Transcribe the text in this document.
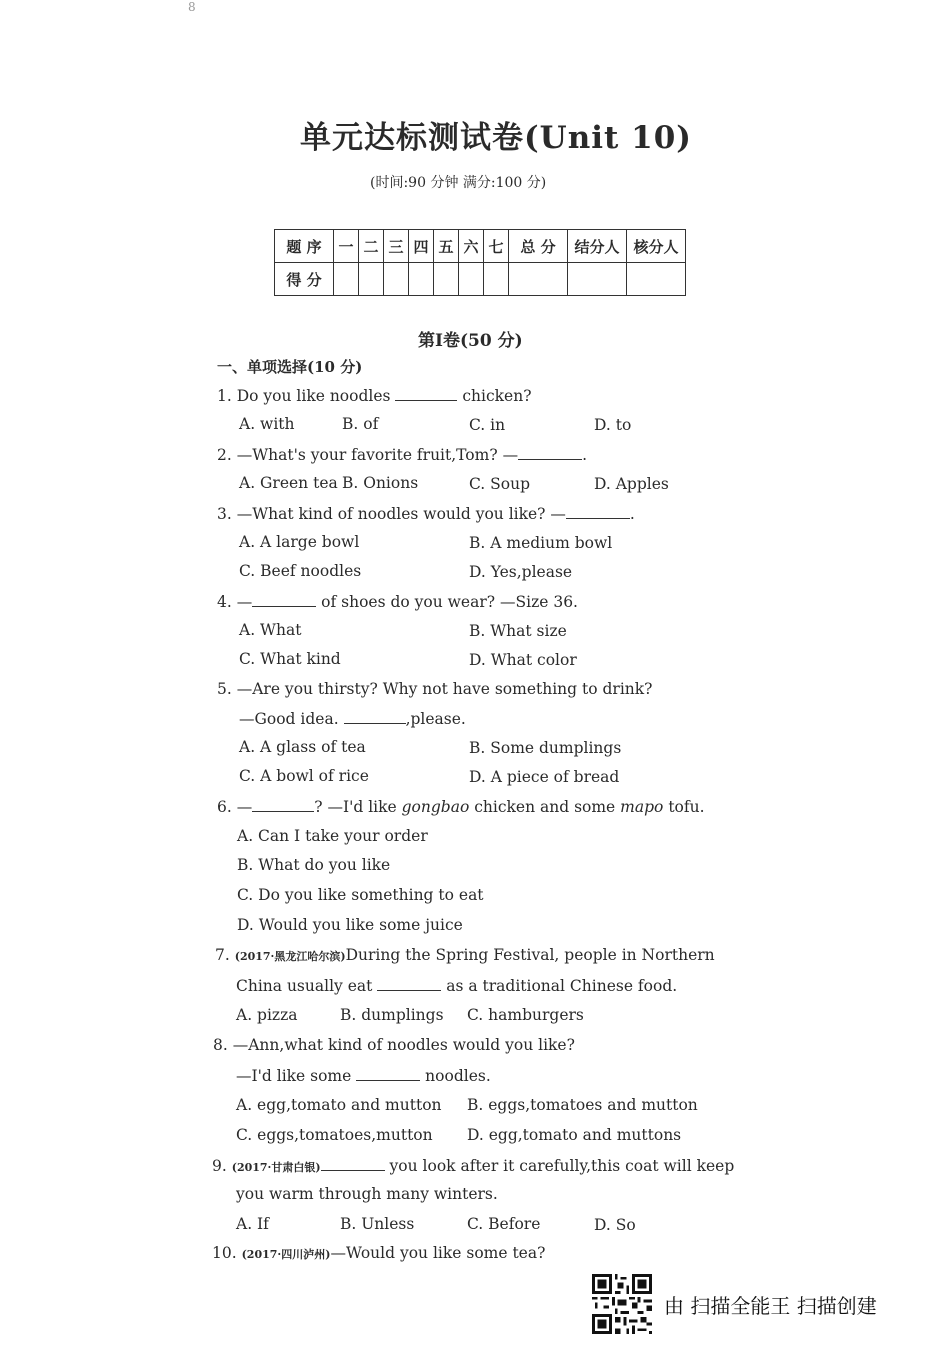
8
单元达标测试卷(Unit 10)
(时间:90 分钟 满分:100 分)
题 序	一	二	三	四	五	六	七	总 分	结分人	核分人
得 分										
第Ⅰ卷(50 分)
一、单项选择(10 分)
1. Do you like noodles	chicken?
A. with	B. of	C. in	D. to
2. —What's your favorite fruit,Tom? —	.
A. Green tea B. Onions	C. Soup	D. Apples
3. —What kind of noodles would you like? —	.
A. A large bowl	B. A medium bowl
C. Beef noodles	D. Yes,please
4. —	of shoes do you wear? —Size 36.
A. What	B. What size
C. What kind	D. What color
5. —Are you thirsty? Why not have something to drink?
—Good idea.	,please.
A. A glass of tea	B. Some dumplings
C. A bowl of rice	D. A piece of bread
6. —	? —I'd like gongbao chicken and some mapo tofu.
A. Can I take your order
B. What do you like
C. Do you like something to eat
D. Would you like some juice
7. (2017·黑龙江哈尔滨)During the Spring Festival, people in Northern
China usually eat	as a traditional Chinese food.
A. pizza	B. dumplings C. hamburgers
8. —Ann,what kind of noodles would you like?
—I'd like some	noodles.
A. egg,tomato and mutton B. eggs,tomatoes and mutton
C. eggs,tomatoes,mutton D. egg,tomato and muttons
9. (2017·甘肃白银)	you look after it carefully,this coat will keep
you warm through many winters.
A. If	B. Unless	C. Before	D. So
10. (2017·四川泸州)—Would you like some tea?
由 扫描全能王 扫描创建
